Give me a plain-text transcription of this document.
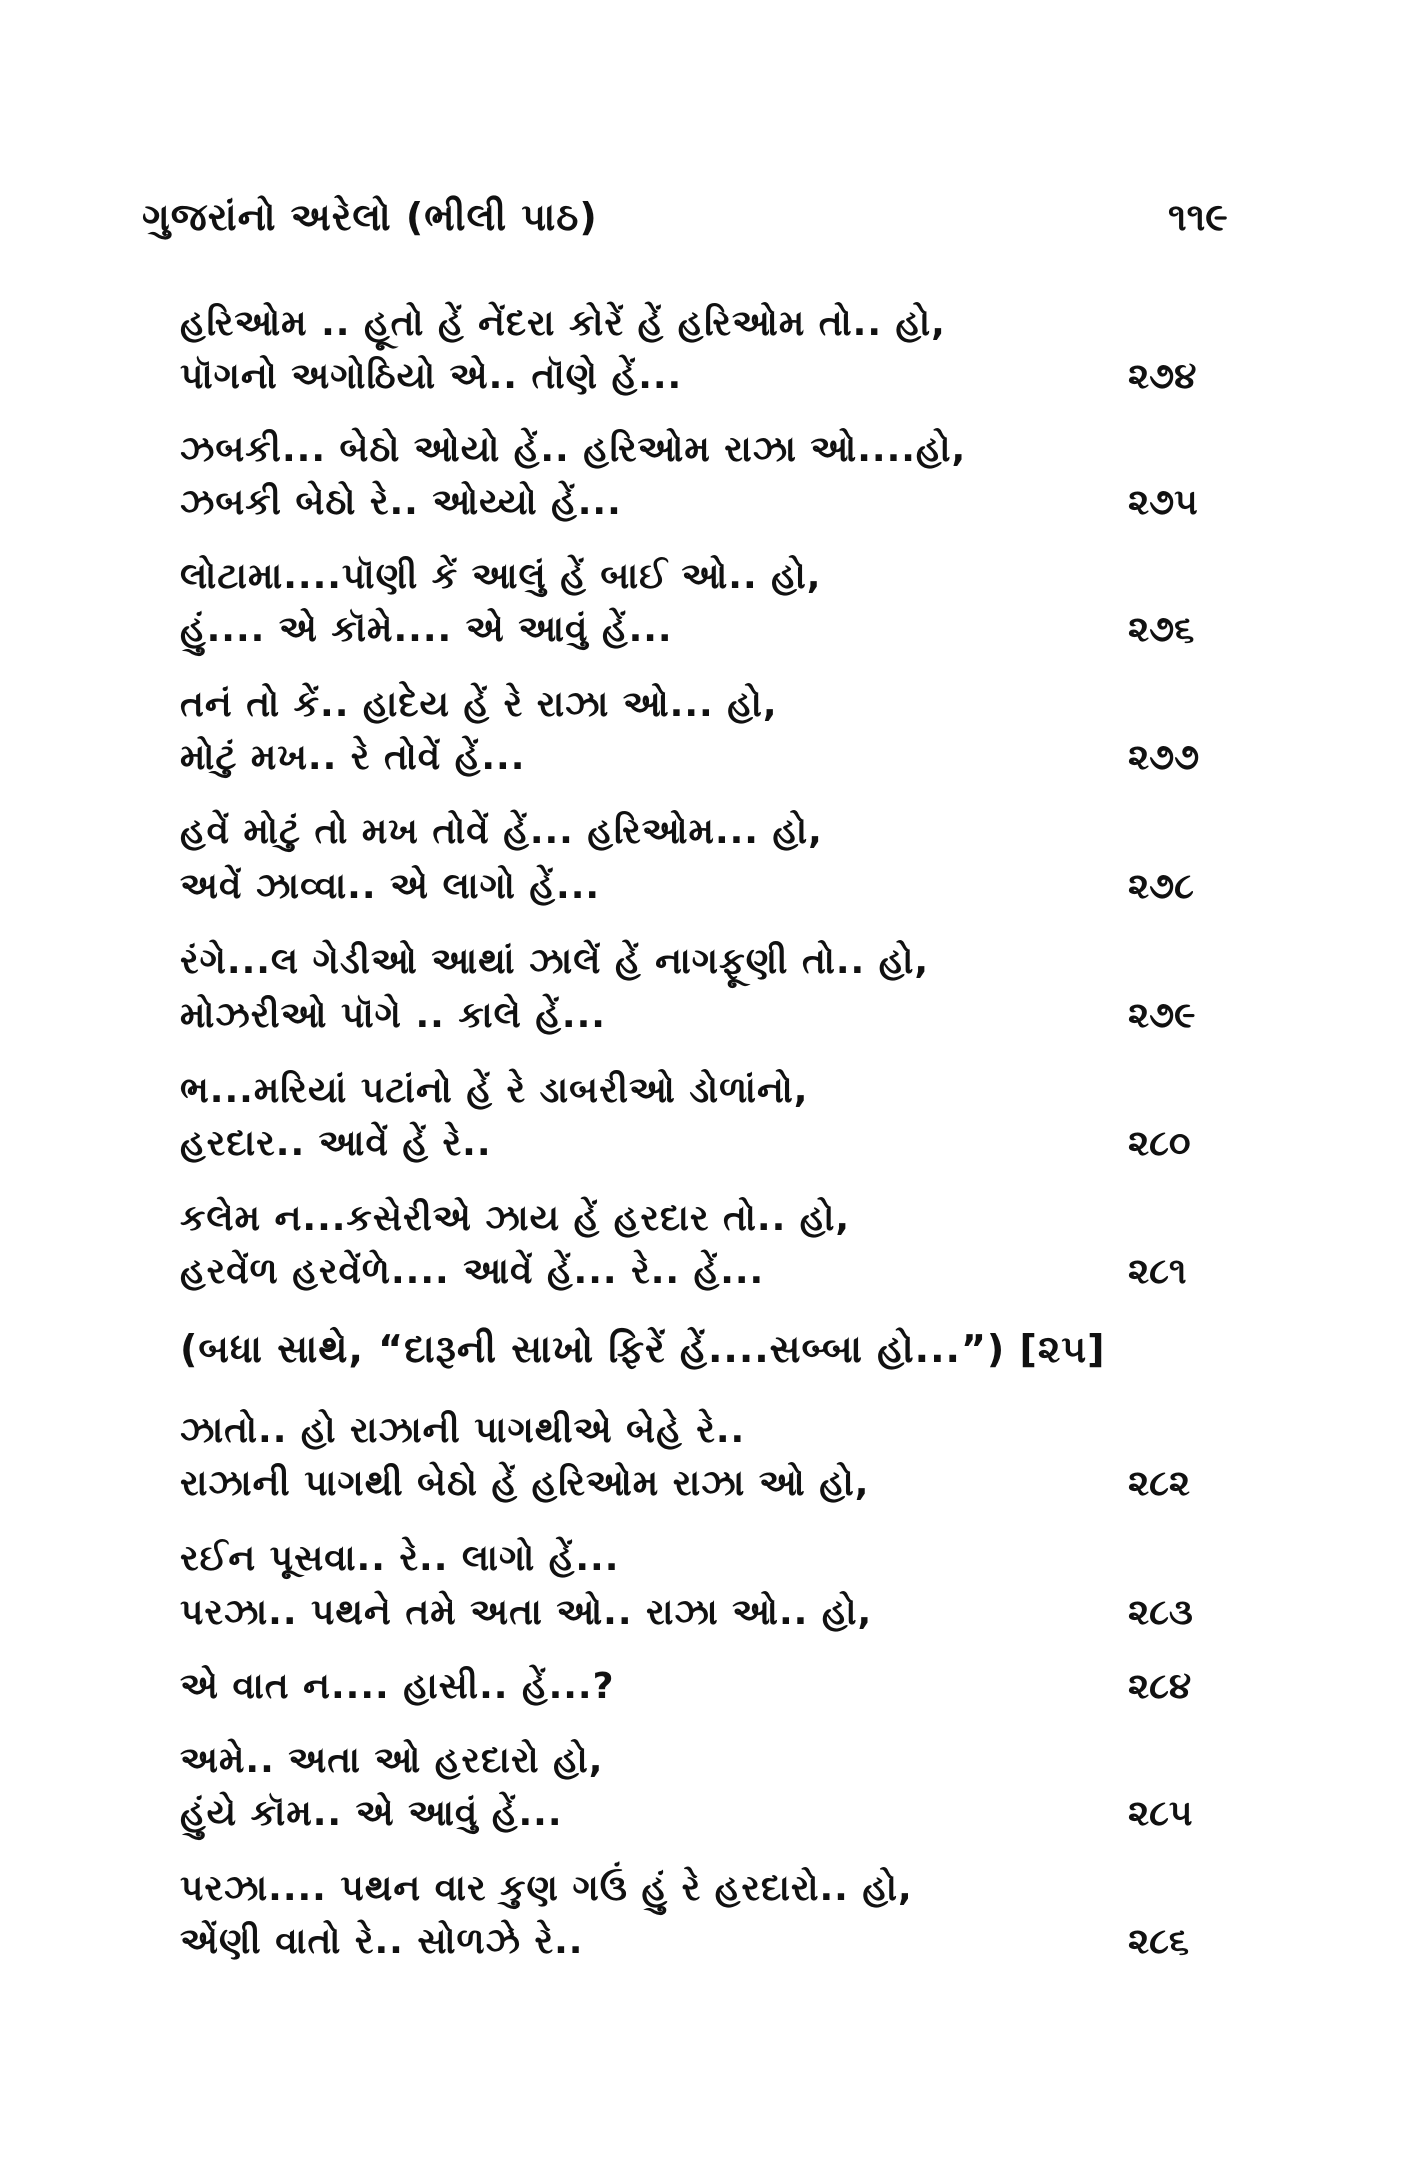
ગુજરાંનો અરેલો (ભીલી પાઠ)	૧૧૯
હરિઓમ .. હૂતો હેં નેંદરા કોરેં હેં હરિઓમ તો.. હો,
પૉગનો અગોઠિયો એ.. તૉણે હેં...	૨૭૪
ઝબકી... બેઠો ઓયો હેં.. હરિઓમ રાઝા ઓ....હો,
ઝબકી બેઠો રે.. ઓય્યો હેં...	૨૭૫
લોટામા....પૉણી કેં આલું હેં બાઈ ઓ.. હો,
હું.... એ કૉમે.... એ આવું હેં...	૨૭૬
તનં તો કેં.. હાદેય હેં રે રાઝા ઓ... હો,
મોટું મખ.. રે તોવેં હેં...	૨૭૭
હવેં મોટું તો મખ તોવેં હેં... હરિઓમ... હો,
અવેં ઝાવ્વા.. એ લાગો હેં...	૨૭૮
રંગે...લ ગેડીઓ આથાં ઝાલેં હેં નાગફૂણી તો.. હો,
મોઝરીઓ પૉગે .. કાલે હેં...	૨૭૯
ભ...મરિયાં પટાંનો હેં રે ડાબરીઓ ડોળાંનો,
હરદાર.. આવેં હેં રે..	૨૮૦
કલેમ ન...કસેરીએ ઝાય હેં હરદાર તો.. હો,
હરવેંળ હરવેંળે.... આવેં હેં... રે.. હેં...	૨૮૧
(બધા સાથે, “દારૂની સાખો ફિરેં હેં....સબ્બા હો...”) [૨૫]
ઝાતો.. હો રાઝાની પાગથીએ બેહે રે..
રાઝાની પાગથી બેઠો હેં હરિઓમ રાઝા ઓ હો,	૨૮૨
રઈન પૂસવા.. રે.. લાગો હેં...
પરઝા.. પથને તમે અતા ઓ.. રાઝા ઓ.. હો,	૨૮૩
એ વાત ન.... હાસી.. હેં...?	૨૮૪
અમે.. અતા ઓ હરદારો હો,
હુંયે કૉમ.. એ આવું હેં...	૨૮૫
પરઝા.... પથન વાર કુણ ગઉં હું રે હરદારો.. હો,
એંણી વાતો રે.. સોળઝે રે..	૨૮૬
